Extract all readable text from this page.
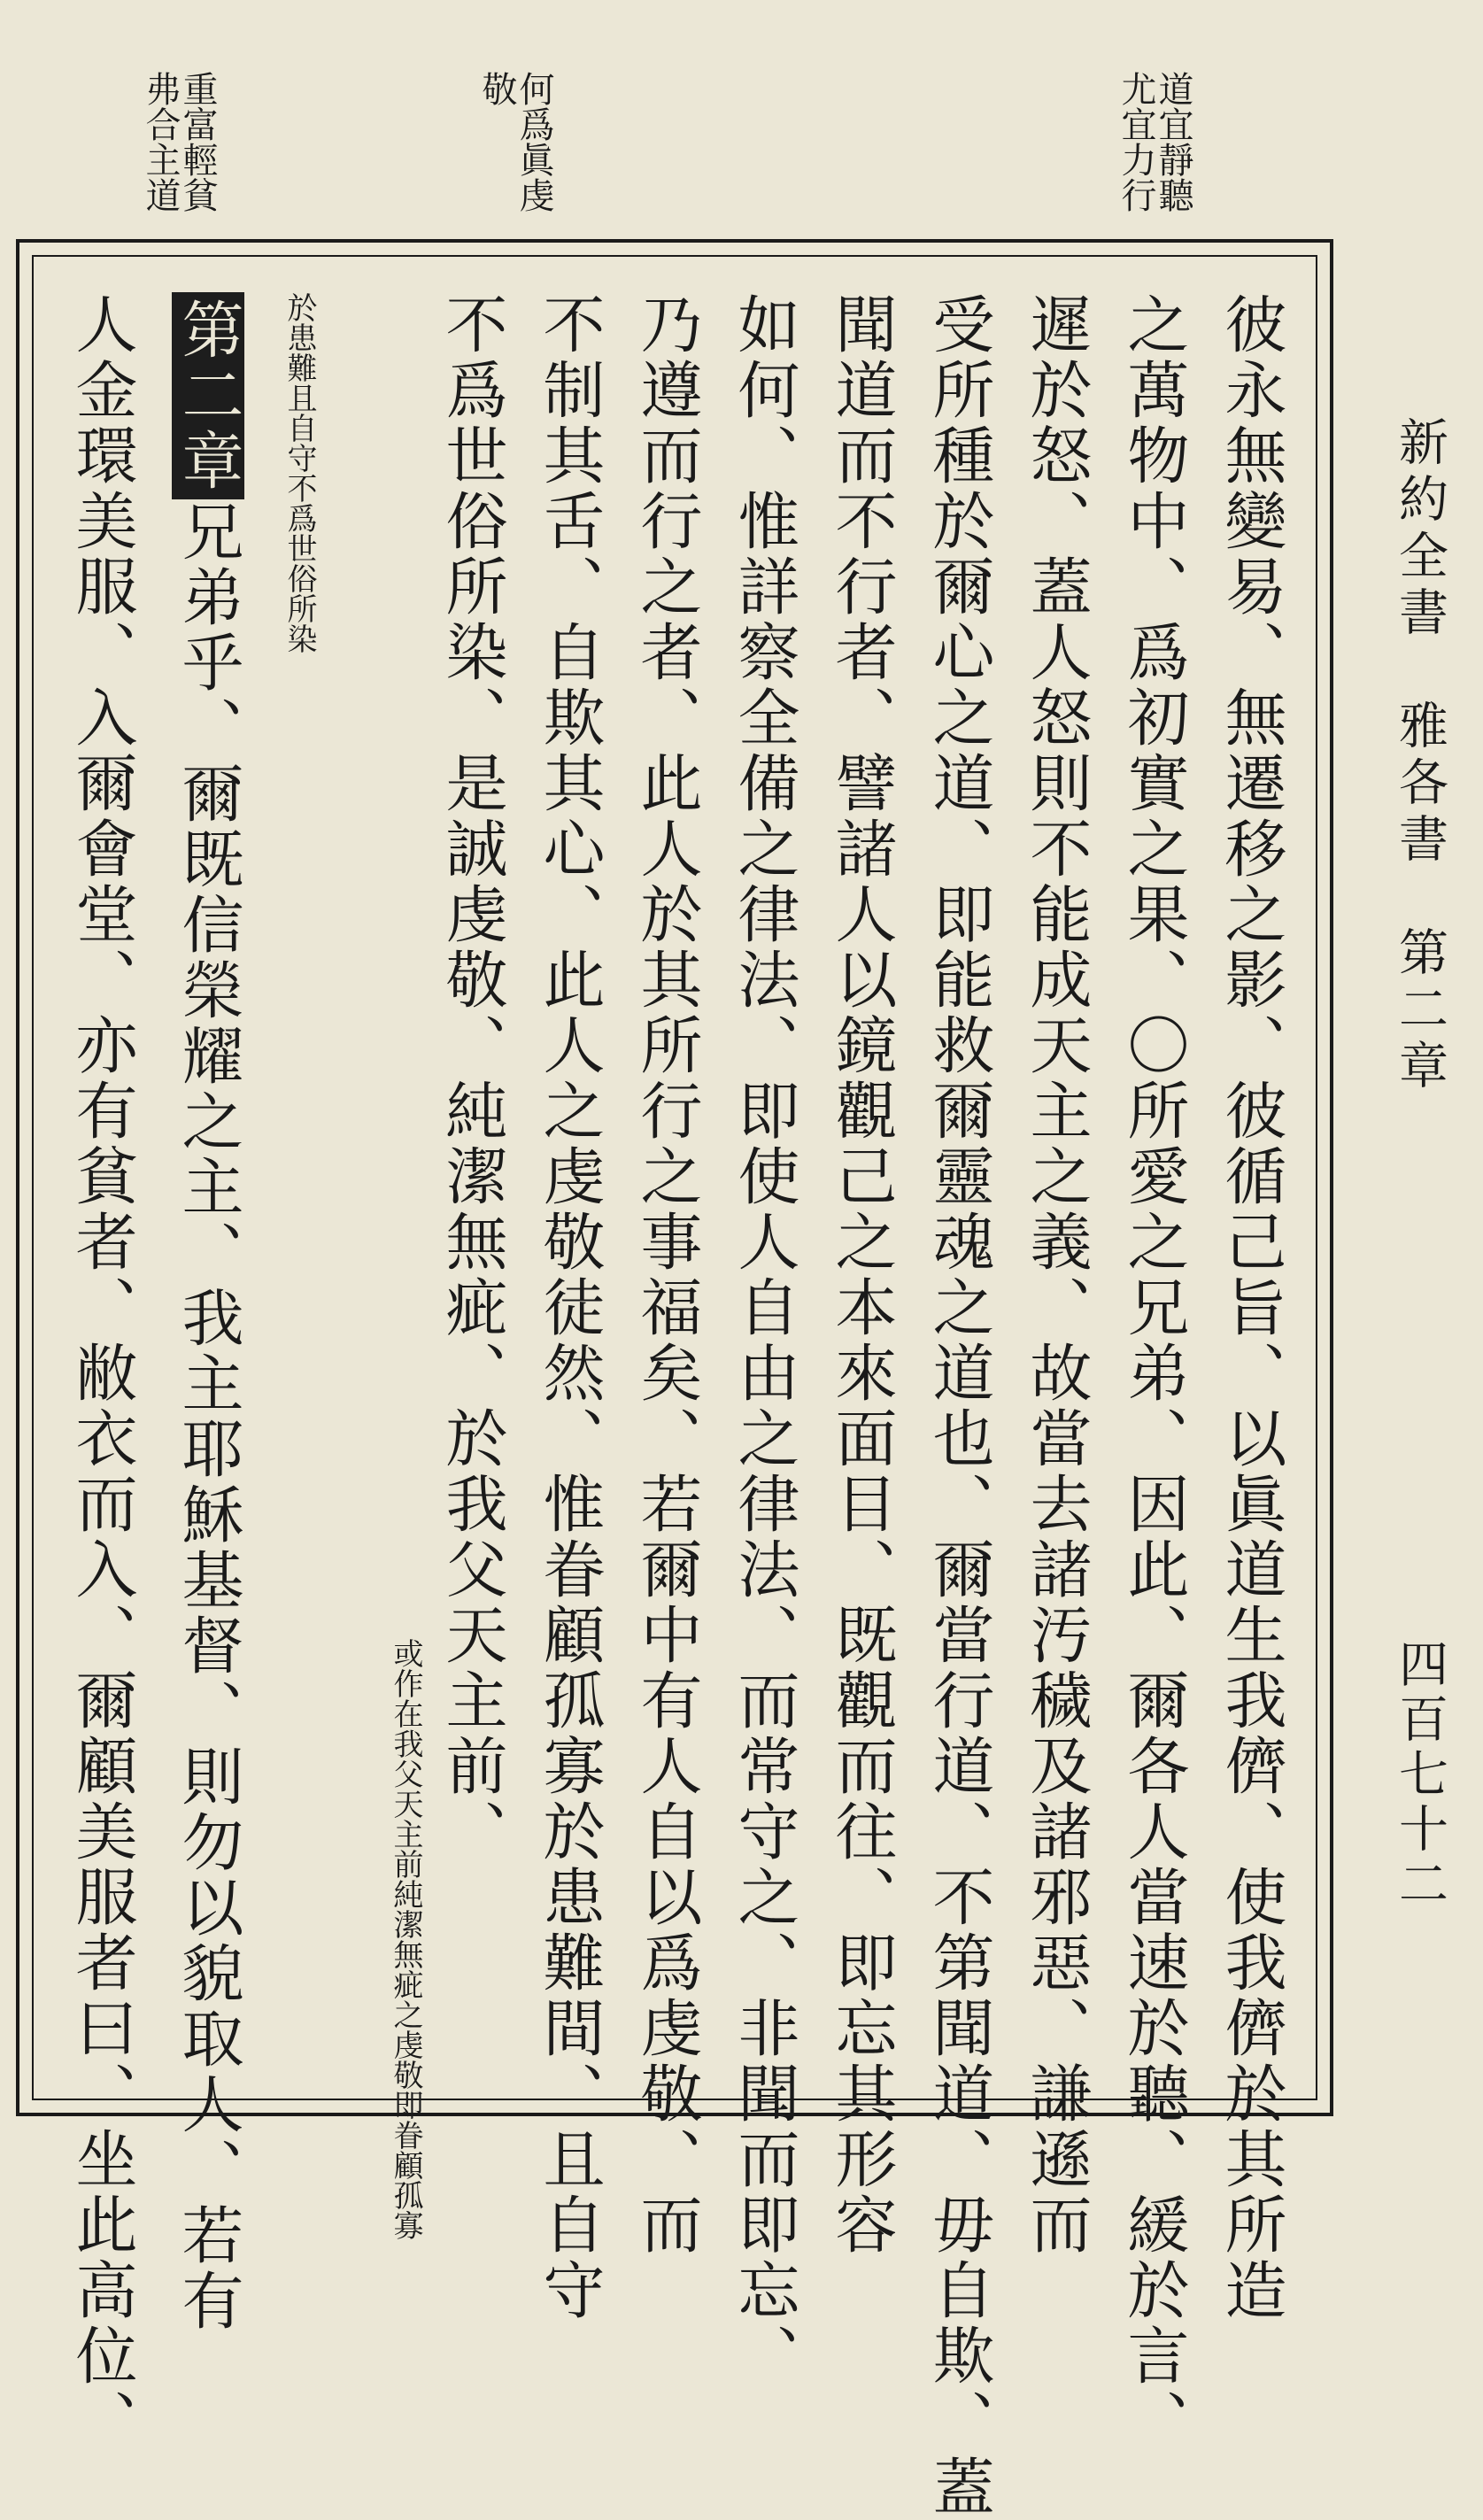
新約全書　雅各書　第二章
四百七十二
道宜靜聽尤宜力行
何爲眞虔敬
重富輕貧弗合主道
彼永無變易、無遷移之影、彼循己旨、以眞道生我儕、使我儕於其所造
之萬物中、爲初實之果、〇所愛之兄弟、因此、爾各人當速於聽、緩於言、
遲於怒、蓋人怒則不能成天主之義、故當去諸汚穢及諸邪惡、謙遜而
受所種於爾心之道、即能救爾靈魂之道也、爾當行道、不第聞道、毋自欺、蓋
聞道而不行者、譬諸人以鏡觀己之本來面目、既觀而往、即忘其形容
如何、惟詳察全備之律法、即使人自由之律法、而常守之、非聞而即忘、
乃遵而行之者、此人於其所行之事福矣、若爾中有人自以爲虔敬、而
不制其舌、自欺其心、此人之虔敬徒然、惟眷顧孤寡於患難間、且自守
不爲世俗所染、是誠虔敬、純潔無疵、於我父天主前、
或作在我父天主前純潔無疵之虔敬即眷顧孤寡
於患難且自守不爲世俗所染
第二章兄弟乎、爾既信榮耀之主、我主耶穌基督、則勿以貌取人、若有
人金環美服、入爾會堂、亦有貧者、敝衣而入、爾顧美服者曰、坐此高位、
